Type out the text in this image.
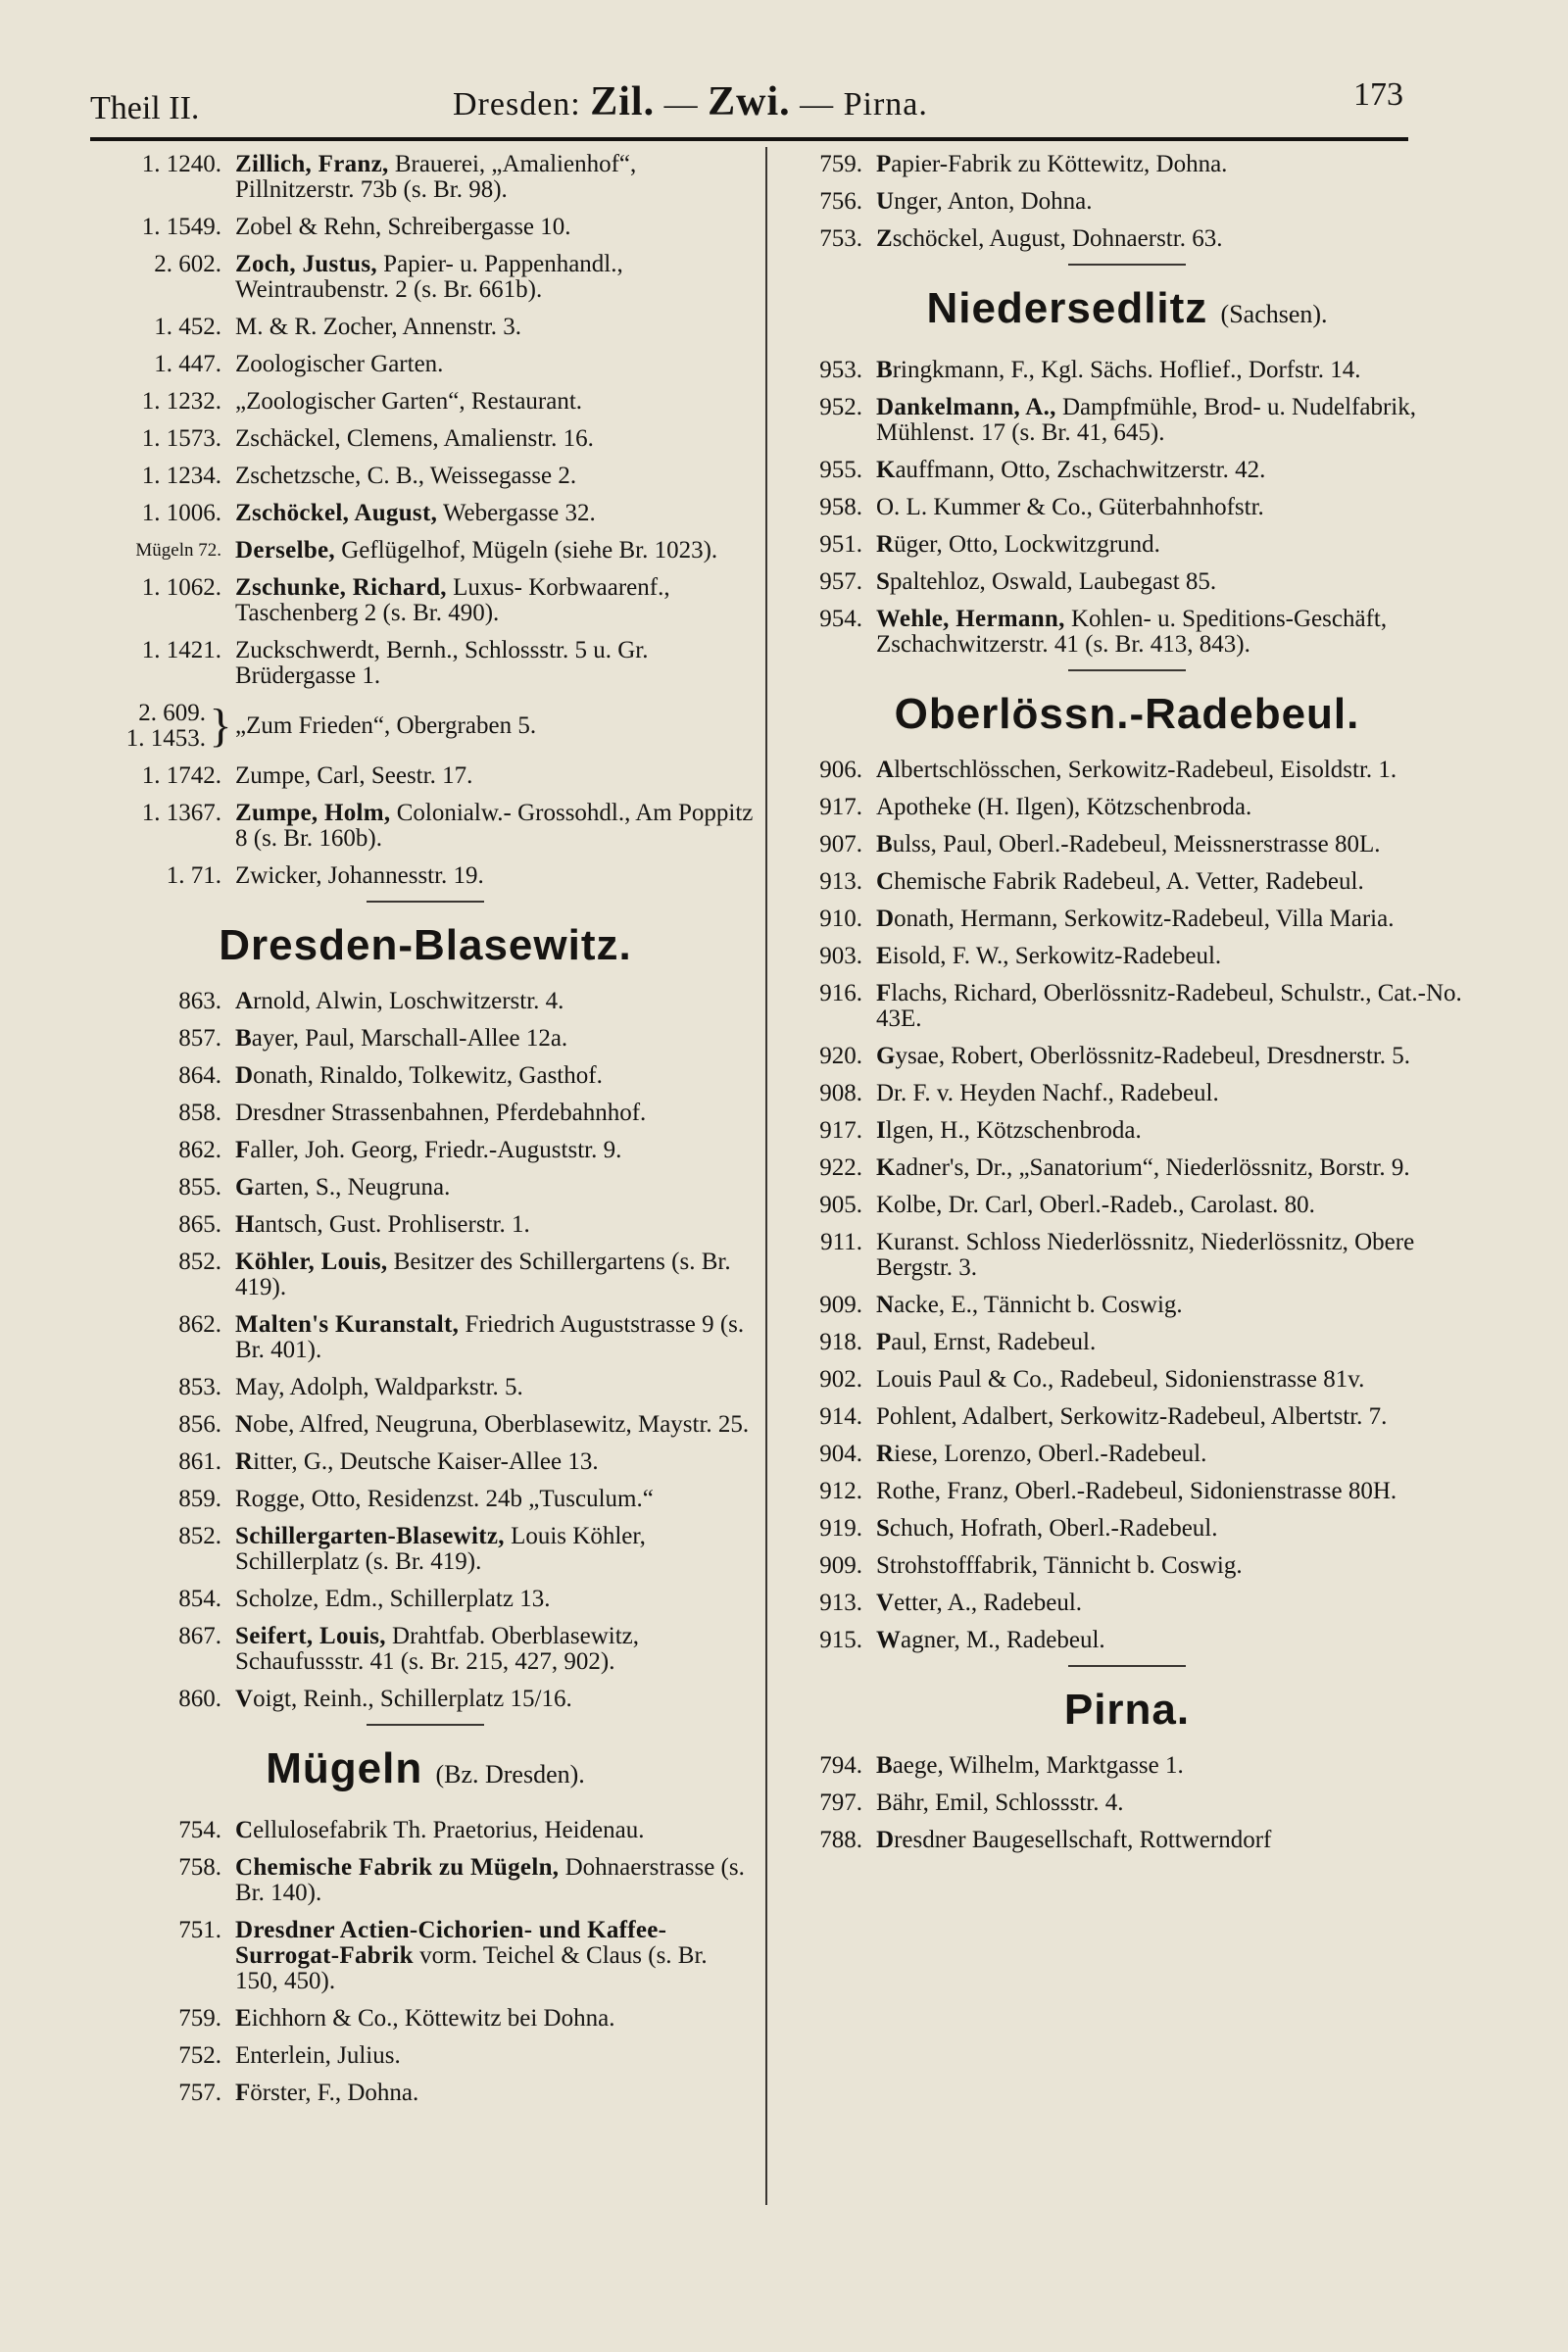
Theil II.	Dresden: Zil. — Zwi. — Pirna.	173
1. 1240. Zillich, Franz, Brauerei, „Amalienhof“, Pillnitzerstr. 73b (s. Br. 98).
1. 1549. Zobel & Rehn, Schreibergasse 10.
2. 602. Zoch, Justus, Papier- u. Pappenhandl., Weintraubenstr. 2 (s. Br. 661b).
1. 452. M. & R. Zocher, Annenstr. 3.
1. 447. Zoologischer Garten.
1. 1232. „Zoologischer Garten“, Restaurant.
1. 1573. Zschäckel, Clemens, Amalienstr. 16.
1. 1234. Zschetzsche, C. B., Weissegasse 2.
1. 1006. Zschöckel, August, Webergasse 32.
Mügeln 72. Derselbe, Geflügelhof, Mügeln (siehe Br. 1023).
1. 1062. Zschunke, Richard, Luxus- Korbwaarenf., Taschenberg 2 (s. Br. 490).
1. 1421. Zuckschwerdt, Bernh., Schlossstr. 5 u. Gr. Brüdergasse 1.
2. 609.
1. 1453. } „Zum Frieden“, Obergraben 5.
1. 1742. Zumpe, Carl, Seestr. 17.
1. 1367. Zumpe, Holm, Colonialw.- Grossohdl., Am Poppitz 8 (s. Br. 160b).
1. 71. Zwicker, Johannesstr. 19.
Dresden-Blasewitz.
863. Arnold, Alwin, Loschwitzerstr. 4.
857. Bayer, Paul, Marschall-Allee 12a.
864. Donath, Rinaldo, Tolkewitz, Gasthof.
858. Dresdner Strassenbahnen, Pferdebahnhof.
862. Faller, Joh. Georg, Friedr.-Auguststr. 9.
855. Garten, S., Neugruna.
865. Hantsch, Gust. Prohliserstr. 1.
852. Köhler, Louis, Besitzer des Schillergartens (s. Br. 419).
862. Malten's Kuranstalt, Friedrich Auguststrasse 9 (s. Br. 401).
853. May, Adolph, Waldparkstr. 5.
856. Nobe, Alfred, Neugruna, Oberblasewitz, Maystr. 25.
861. Ritter, G., Deutsche Kaiser-Allee 13.
859. Rogge, Otto, Residenzst. 24b „Tusculum.“
852. Schillergarten-Blasewitz, Louis Köhler, Schillerplatz (s. Br. 419).
854. Scholze, Edm., Schillerplatz 13.
867. Seifert, Louis, Drahtfab. Oberblasewitz, Schaufussstr. 41 (s. Br. 215, 427, 902).
860. Voigt, Reinh., Schillerplatz 15/16.
Mügeln (Bz. Dresden).
754. Cellulosefabrik Th. Praetorius, Heidenau.
758. Chemische Fabrik zu Mügeln, Dohnaerstrasse (s. Br. 140).
751. Dresdner Actien-Cichorien- und Kaffee-Surrogat-Fabrik vorm. Teichel & Claus (s. Br. 150, 450).
759. Eichhorn & Co., Köttewitz bei Dohna.
752. Enterlein, Julius.
757. Förster, F., Dohna.
759. Papier-Fabrik zu Köttewitz, Dohna.
756. Unger, Anton, Dohna.
753. Zschöckel, August, Dohnaerstr. 63.
Niedersedlitz (Sachsen).
953. Bringkmann, F., Kgl. Sächs. Hoflief., Dorfstr. 14.
952. Dankelmann, A., Dampfmühle, Brod- u. Nudelfabrik, Mühlenst. 17 (s. Br. 41, 645).
955. Kauffmann, Otto, Zschachwitzerstr. 42.
958. O. L. Kummer & Co., Güterbahnhofstr.
951. Rüger, Otto, Lockwitzgrund.
957. Spaltehloz, Oswald, Laubegast 85.
954. Wehle, Hermann, Kohlen- u. Speditions-Geschäft, Zschachwitzerstr. 41 (s. Br. 413, 843).
Oberlössn.-Radebeul.
906. Albertschlösschen, Serkowitz-Radebeul, Eisoldstr. 1.
917. Apotheke (H. Ilgen), Kötzschenbroda.
907. Bulss, Paul, Oberl.-Radebeul, Meissnerstrasse 80L.
913. Chemische Fabrik Radebeul, A. Vetter, Radebeul.
910. Donath, Hermann, Serkowitz-Radebeul, Villa Maria.
903. Eisold, F. W., Serkowitz-Radebeul.
916. Flachs, Richard, Oberlössnitz-Radebeul, Schulstr., Cat.-No. 43E.
920. Gysae, Robert, Oberlössnitz-Radebeul, Dresdnerstr. 5.
908. Dr. F. v. Heyden Nachf., Radebeul.
917. Ilgen, H., Kötzschenbroda.
922. Kadner's, Dr., „Sanatorium“, Niederlössnitz, Borstr. 9.
905. Kolbe, Dr. Carl, Oberl.-Radeb., Carolast. 80.
911. Kuranst. Schloss Niederlössnitz, Niederlössnitz, Obere Bergstr. 3.
909. Nacke, E., Tännicht b. Coswig.
918. Paul, Ernst, Radebeul.
902. Louis Paul & Co., Radebeul, Sidonienstrasse 81v.
914. Pohlent, Adalbert, Serkowitz-Radebeul, Albertstr. 7.
904. Riese, Lorenzo, Oberl.-Radebeul.
912. Rothe, Franz, Oberl.-Radebeul, Sidonienstrasse 80H.
919. Schuch, Hofrath, Oberl.-Radebeul.
909. Strohstofffabrik, Tännicht b. Coswig.
913. Vetter, A., Radebeul.
915. Wagner, M., Radebeul.
Pirna.
794. Baege, Wilhelm, Marktgasse 1.
797. Bähr, Emil, Schlossstr. 4.
788. Dresdner Baugesellschaft, Rottwerndorf
